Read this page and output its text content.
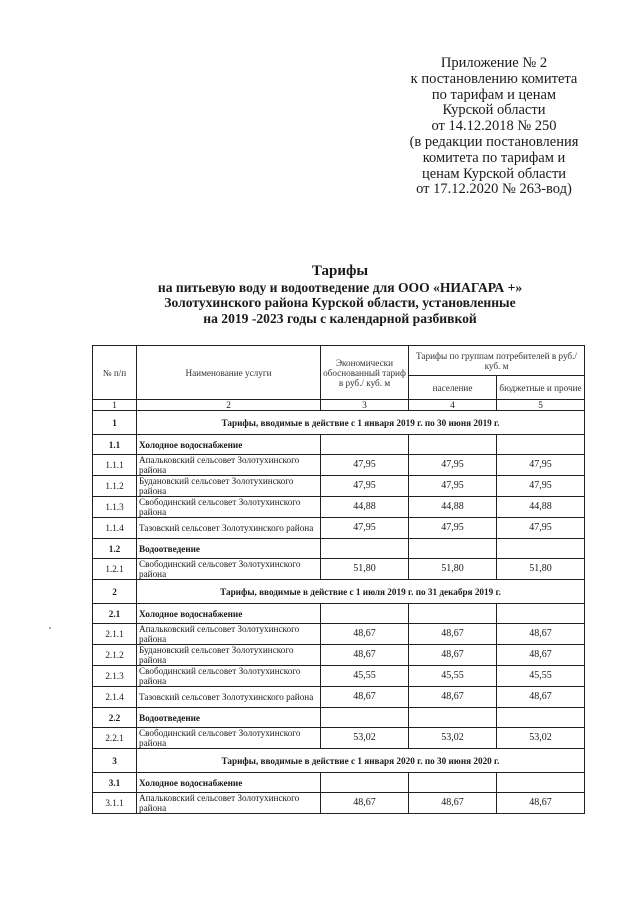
Приложение № 2
к постановлению комитета
по тарифам и ценам
Курской области
от 14.12.2018 № 250
(в редакции постановления
комитета по тарифам и
ценам Курской области
от 17.12.2020 № 263-вод)
Тарифы
на питьевую воду и водоотведение для ООО «НИАГАРА +»
Золотухинского района Курской области, установленные
на 2019 -2023 годы с календарной разбивкой
№ п/п	Наименование услуги	Экономически обоснованный тариф в руб./ куб. м	Тарифы по группам потребителей в руб./ куб. м	
			население	бюджетные и прочие
1	2	3	4	5
1	Тарифы, вводимые в действие с 1 января 2019 г. по 30 июня 2019 г.			
1.1	Холодное водоснабжение			
1.1.1	Апальковский сельсовет Золотухинского района	47,95	47,95	47,95
1.1.2	Будановский сельсовет Золотухинского района	47,95	47,95	47,95
1.1.3	Свободинский сельсовет Золотухинского района	44,88	44,88	44,88
1.1.4	Тазовский сельсовет Золотухинского района	47,95	47,95	47,95
1.2	Водоотведение			
1.2.1	Свободинский сельсовет Золотухинского района	51,80	51,80	51,80
2	Тарифы, вводимые в действие с 1 июля 2019 г. по 31 декабря 2019 г.			
2.1	Холодное водоснабжение			
2.1.1	Апальковский сельсовет Золотухинского района	48,67	48,67	48,67
2.1.2	Будановский сельсовет Золотухинского района	48,67	48,67	48,67
2.1.3	Свободинский сельсовет Золотухинского района	45,55	45,55	45,55
2.1.4	Тазовский сельсовет Золотухинского района	48,67	48,67	48,67
2.2	Водоотведение			
2.2.1	Свободинский сельсовет Золотухинского района	53,02	53,02	53,02
3	Тарифы, вводимые в действие с 1 января 2020 г. по 30 июня 2020 г.			
3.1	Холодное водоснабжение			
3.1.1	Апальковский сельсовет Золотухинского района	48,67	48,67	48,67
